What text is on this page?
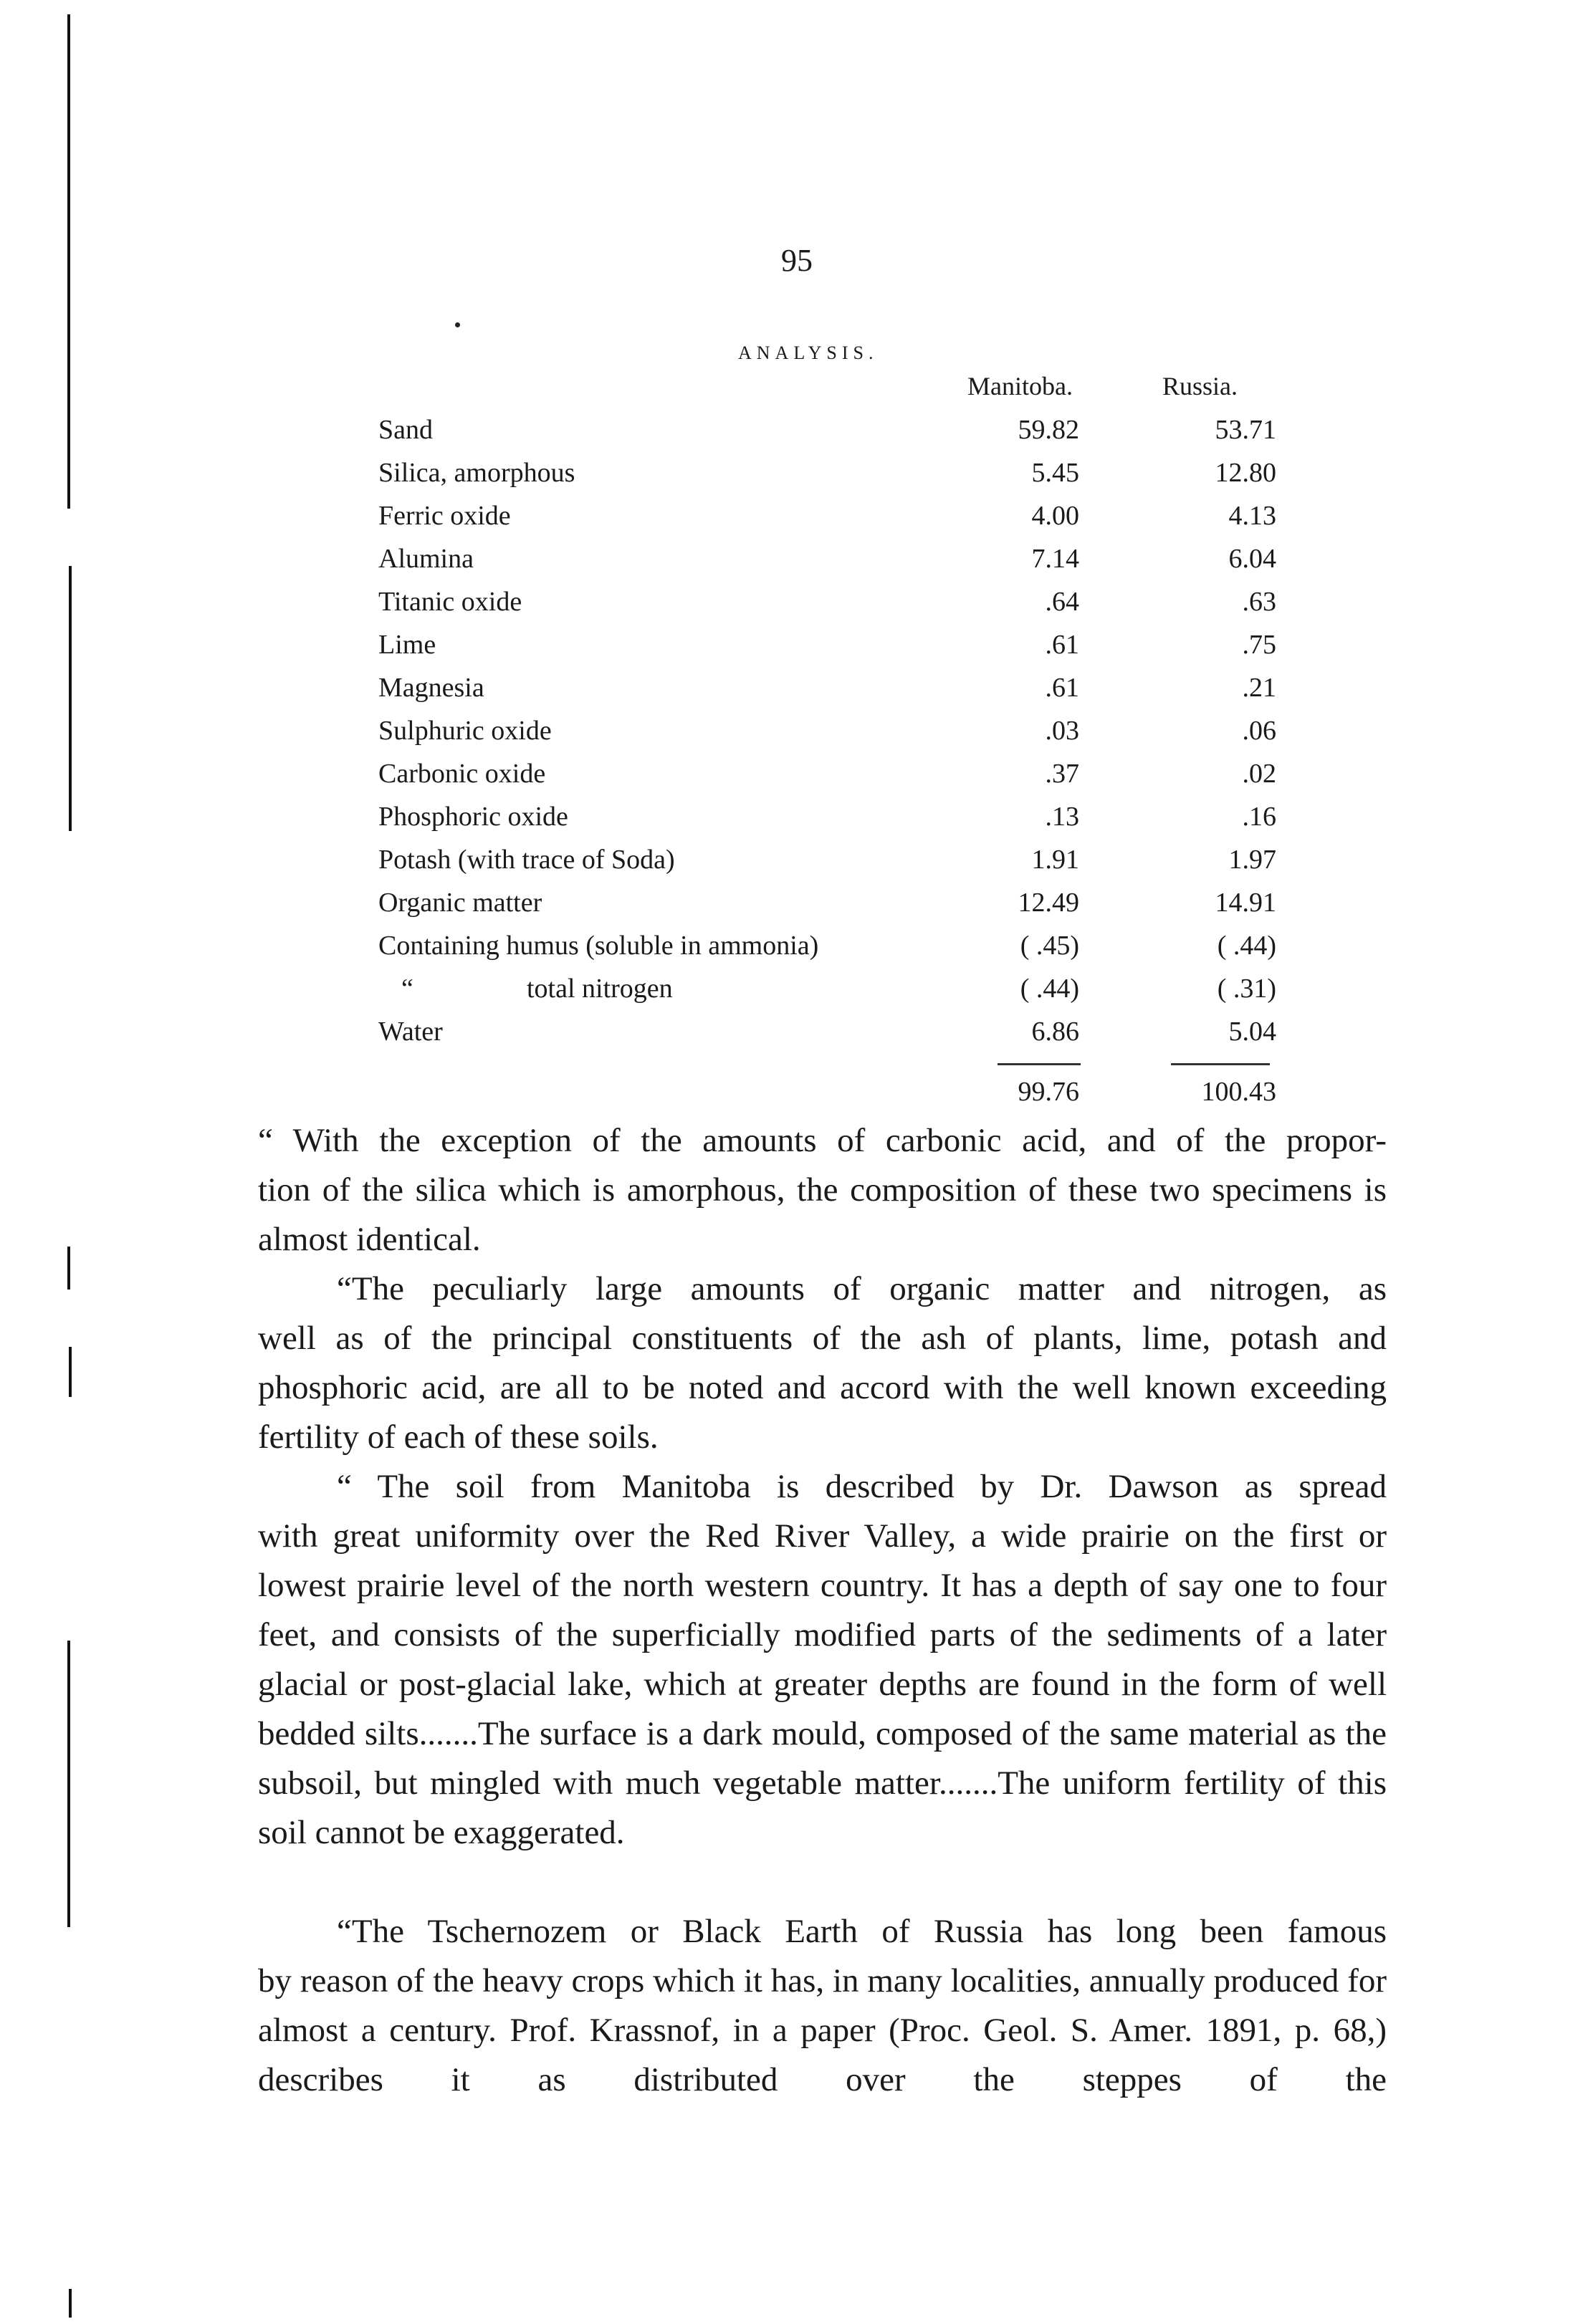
95
ANALYSIS.
Manitoba.	Russia.
Sand	59.82	53.71
Silica, amorphous	5.45	12.80
Ferric oxide	4.00	4.13
Alumina	7.14	6.04
Titanic oxide	.64	.63
Lime	.61	.75
Magnesia	.61	.21
Sulphuric oxide	.03	.06
Carbonic oxide	.37	.02
Phosphoric oxide	.13	.16
Potash (with trace of Soda)	1.91	1.97
Organic matter	12.49	14.91
Containing humus (soluble in ammonia)	( .45)	( .44)
“	total nitrogen	( .44)	( .31)
Water	6.86	5.04
99.76	100.43

“ With the exception of the amounts of carbonic acid, and of the propor-

tion of the silica which is amorphous, the composition of these two specimens is almost identical.

“The peculiarly large amounts of organic matter and nitrogen, as

well as of the principal constituents of the ash of plants, lime, potash and phosphoric acid, are all to be noted and accord with the well known exceeding fertility of each of these soils.

“ The soil from Manitoba is described by Dr. Dawson as spread

with great uniformity over the Red River Valley, a wide prairie on the first or lowest prairie level of the north western country. It has a depth of say one to four feet, and consists of the superficially modified parts of the sediments of a later glacial or post-glacial lake, which at greater depths are found in the form of well bedded silts.......The surface is a dark mould, composed of the same material as the subsoil, but mingled with much vegetable matter.......The uniform fertility of this soil cannot be exaggerated.

“The Tschernozem or Black Earth of Russia has long been famous

by reason of the heavy crops which it has, in many localities, annually produced for almost a century. Prof. Krassnof, in a paper (Proc. Geol. S. Amer. 1891, p. 68,) describes it as distributed over the steppes of the
